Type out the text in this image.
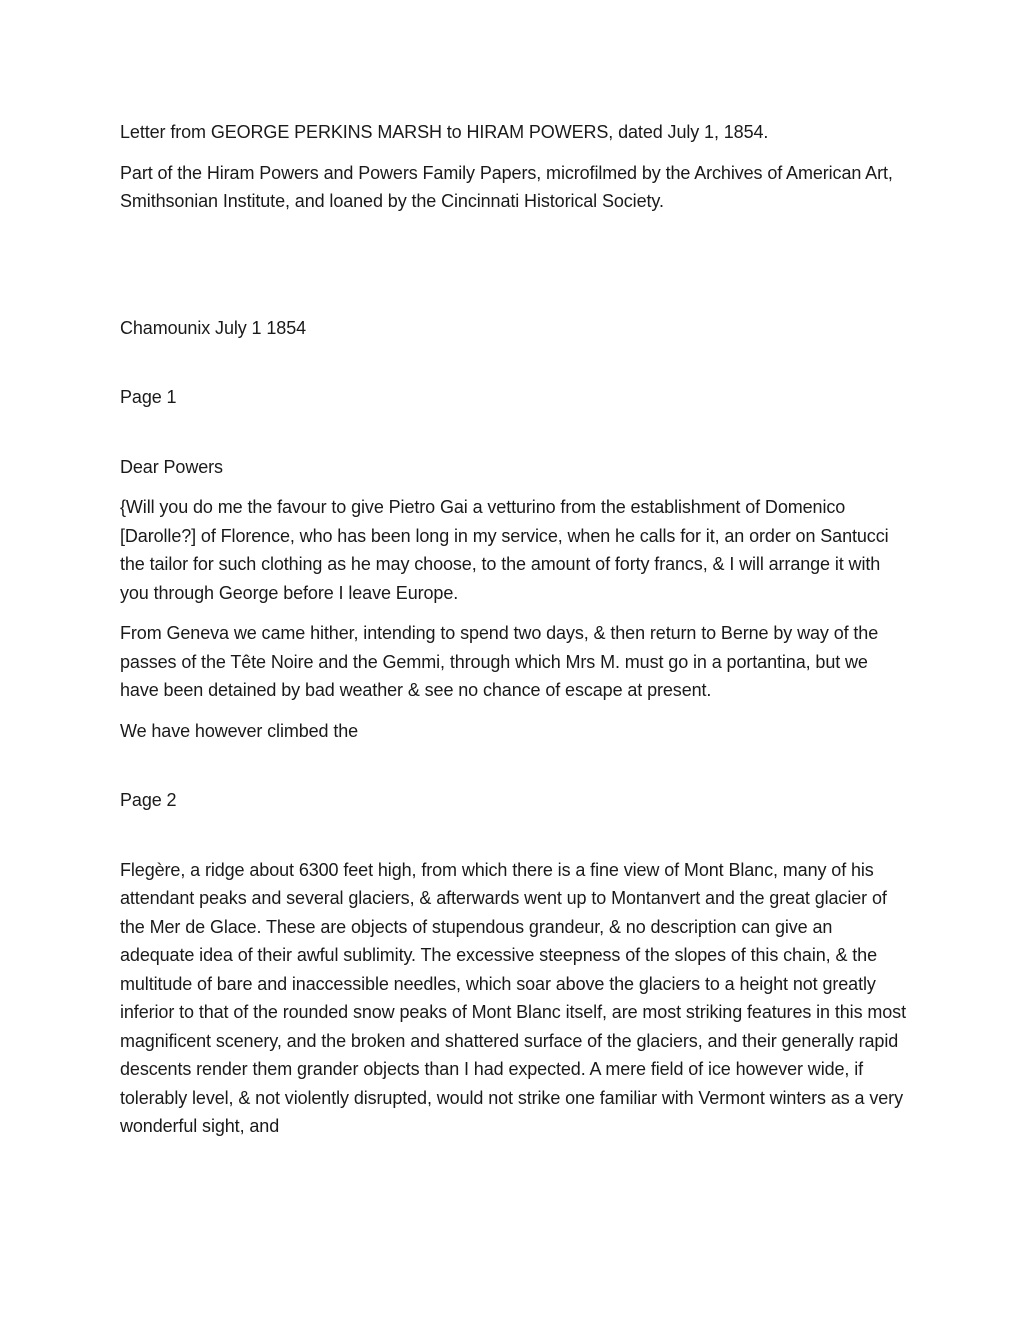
Letter from GEORGE PERKINS MARSH to HIRAM POWERS, dated July 1, 1854.

Part of the Hiram Powers and Powers Family Papers, microfilmed by the Archives of American Art, Smithsonian Institute, and loaned by the Cincinnati Historical Society.

Chamounix July 1 1854

Page 1

Dear Powers

{Will you do me the favour to give Pietro Gai a vetturino from the establishment of Domenico [Darolle?] of Florence, who has been long in my service, when he calls for it, an order on Santucci the tailor for such clothing as he may choose, to the amount of forty francs, & I will arrange it with you through George before I leave Europe.

From Geneva we came hither, intending to spend two days, & then return to Berne by way of the passes of the Tête Noire and the Gemmi, through which Mrs M. must go in a portantina, but we have been detained by bad weather & see no chance of escape at present.

We have however climbed the

Page 2

Flegère, a ridge about 6300 feet high, from which there is a fine view of Mont Blanc, many of his attendant peaks and several glaciers, & afterwards went up to Montanvert and the great glacier of the Mer de Glace. These are objects of stupendous grandeur, & no description can give an adequate idea of their awful sublimity. The excessive steepness of the slopes of this chain, & the multitude of bare and inaccessible needles, which soar above the glaciers to a height not greatly inferior to that of the rounded snow peaks of Mont Blanc itself, are most striking features in this most magnificent scenery, and the broken and shattered surface of the glaciers, and their generally rapid descents render them grander objects than I had expected. A mere field of ice however wide, if tolerably level, & not violently disrupted, would not strike one familiar with Vermont winters as a very wonderful sight, and
